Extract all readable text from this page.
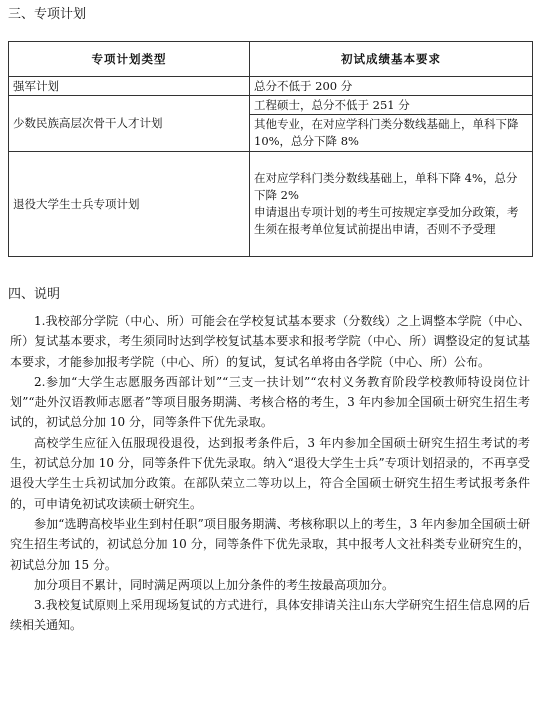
三、专项计划
专项计划类型	初试成绩基本要求
强军计划	总分不低于 200 分
少数民族高层次骨干人才计划	工程硕士，总分不低于 251 分
	其他专业，在对应学科门类分数线基础上，单科下降 10%，总分下降 8%
退役大学生士兵专项计划	在对应学科门类分数线基础上，单科下降 4%，总分下降 2%
申请退出专项计划的考生可按规定享受加分政策，考生须在报考单位复试前提出申请，否则不予受理
四、说明

1.我校部分学院（中心、所）可能会在学校复试基本要求（分数线）之上调整本学院（中心、所）复试基本要求，考生须同时达到学校复试基本要求和报考学院（中心、所）调整设定的复试基本要求，才能参加报考学院（中心、所）的复试，复试名单将由各学院（中心、所）公布。

2.参加“大学生志愿服务西部计划”“三支一扶计划”“农村义务教育阶段学校教师特设岗位计划”“赴外汉语教师志愿者”等项目服务期满、考核合格的考生，3 年内参加全国硕士研究生招生考试的，初试总分加 10 分，同等条件下优先录取。

高校学生应征入伍服现役退役，达到报考条件后，3 年内参加全国硕士研究生招生考试的考生，初试总分加 10 分，同等条件下优先录取。纳入“退役大学生士兵”专项计划招录的，不再享受退役大学生士兵初试加分政策。在部队荣立二等功以上，符合全国硕士研究生招生考试报考条件的，可申请免初试攻读硕士研究生。

参加“选聘高校毕业生到村任职”项目服务期满、考核称职以上的考生，3 年内参加全国硕士研究生招生考试的，初试总分加 10 分，同等条件下优先录取，其中报考人文社科类专业研究生的，初试总分加 15 分。

加分项目不累计，同时满足两项以上加分条件的考生按最高项加分。

3.我校复试原则上采用现场复试的方式进行，具体安排请关注山东大学研究生招生信息网的后续相关通知。
